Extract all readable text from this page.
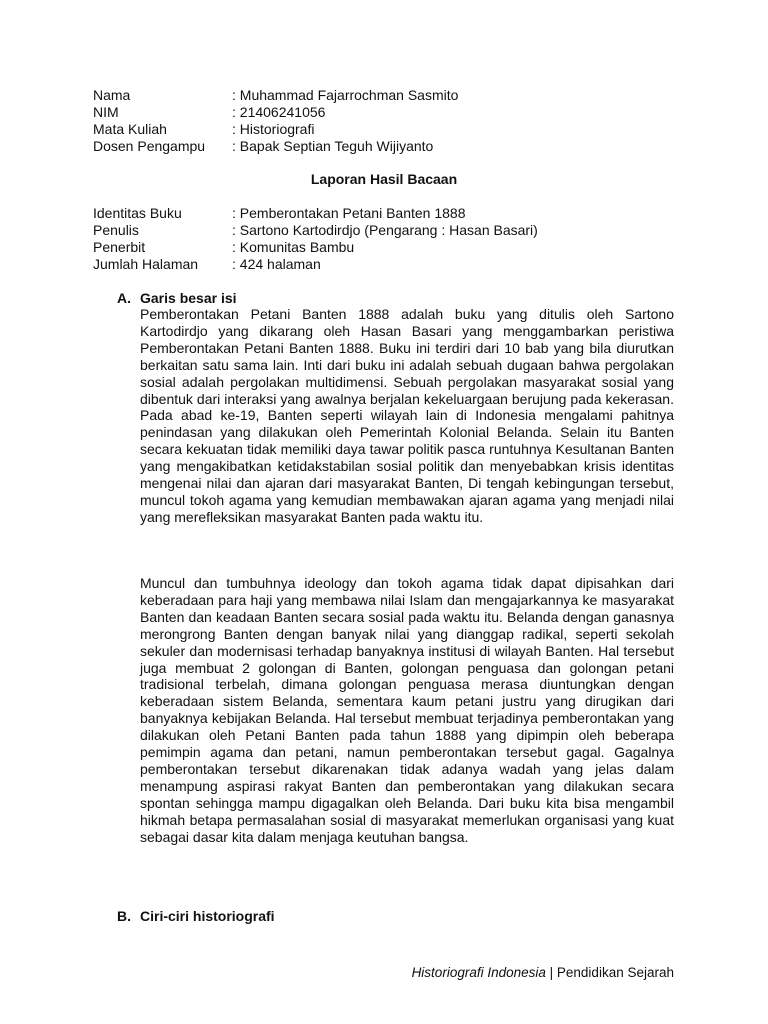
Nama	: Muhammad Fajarrochman Sasmito
NIM	: 21406241056
Mata Kuliah	: Historiografi
Dosen Pengampu	: Bapak Septian Teguh Wijiyanto
Laporan Hasil Bacaan
Identitas Buku	: Pemberontakan Petani Banten 1888
Penulis	: Sartono Kartodirdjo (Pengarang : Hasan Basari)
Penerbit	: Komunitas Bambu
Jumlah Halaman	: 424 halaman
A. Garis besar isi

Pemberontakan Petani Banten 1888 adalah buku yang ditulis oleh Sartono Kartodirdjo yang dikarang oleh Hasan Basari yang menggambarkan peristiwa Pemberontakan Petani Banten 1888. Buku ini terdiri dari 10 bab yang bila diurutkan berkaitan satu sama lain. Inti dari buku ini adalah sebuah dugaan bahwa pergolakan sosial adalah pergolakan multidimensi. Sebuah pergolakan masyarakat sosial yang dibentuk dari interaksi yang awalnya berjalan kekeluargaan berujung pada kekerasan. Pada abad ke-19, Banten seperti wilayah lain di Indonesia mengalami pahitnya penindasan yang dilakukan oleh Pemerintah Kolonial Belanda. Selain itu Banten secara kekuatan tidak memiliki daya tawar politik pasca runtuhnya Kesultanan Banten yang mengakibatkan ketidakstabilan sosial politik dan menyebabkan krisis identitas mengenai nilai dan ajaran dari masyarakat Banten, Di tengah kebingungan tersebut, muncul tokoh agama yang kemudian membawakan ajaran agama yang menjadi nilai yang merefleksikan masyarakat Banten pada waktu itu.

Muncul dan tumbuhnya ideology dan tokoh agama tidak dapat dipisahkan dari keberadaan para haji yang membawa nilai Islam dan mengajarkannya ke masyarakat Banten dan keadaan Banten secara sosial pada waktu itu. Belanda dengan ganasnya merongrong Banten dengan banyak nilai yang dianggap radikal, seperti sekolah sekuler dan modernisasi terhadap banyaknya institusi di wilayah Banten. Hal tersebut juga membuat 2 golongan di Banten, golongan penguasa dan golongan petani tradisional terbelah, dimana golongan penguasa merasa diuntungkan dengan keberadaan sistem Belanda, sementara kaum petani justru yang dirugikan dari banyaknya kebijakan Belanda. Hal tersebut membuat terjadinya pemberontakan yang dilakukan oleh Petani Banten pada tahun 1888 yang dipimpin oleh beberapa pemimpin agama dan petani, namun pemberontakan tersebut gagal. Gagalnya pemberontakan tersebut dikarenakan tidak adanya wadah yang jelas dalam menampung aspirasi rakyat Banten dan pemberontakan yang dilakukan secara spontan sehingga mampu digagalkan oleh Belanda. Dari buku kita bisa mengambil hikmah betapa permasalahan sosial di masyarakat memerlukan organisasi yang kuat sebagai dasar kita dalam menjaga keutuhan bangsa.

B. Ciri-ciri historiografi
Historiografi Indonesia | Pendidikan Sejarah
